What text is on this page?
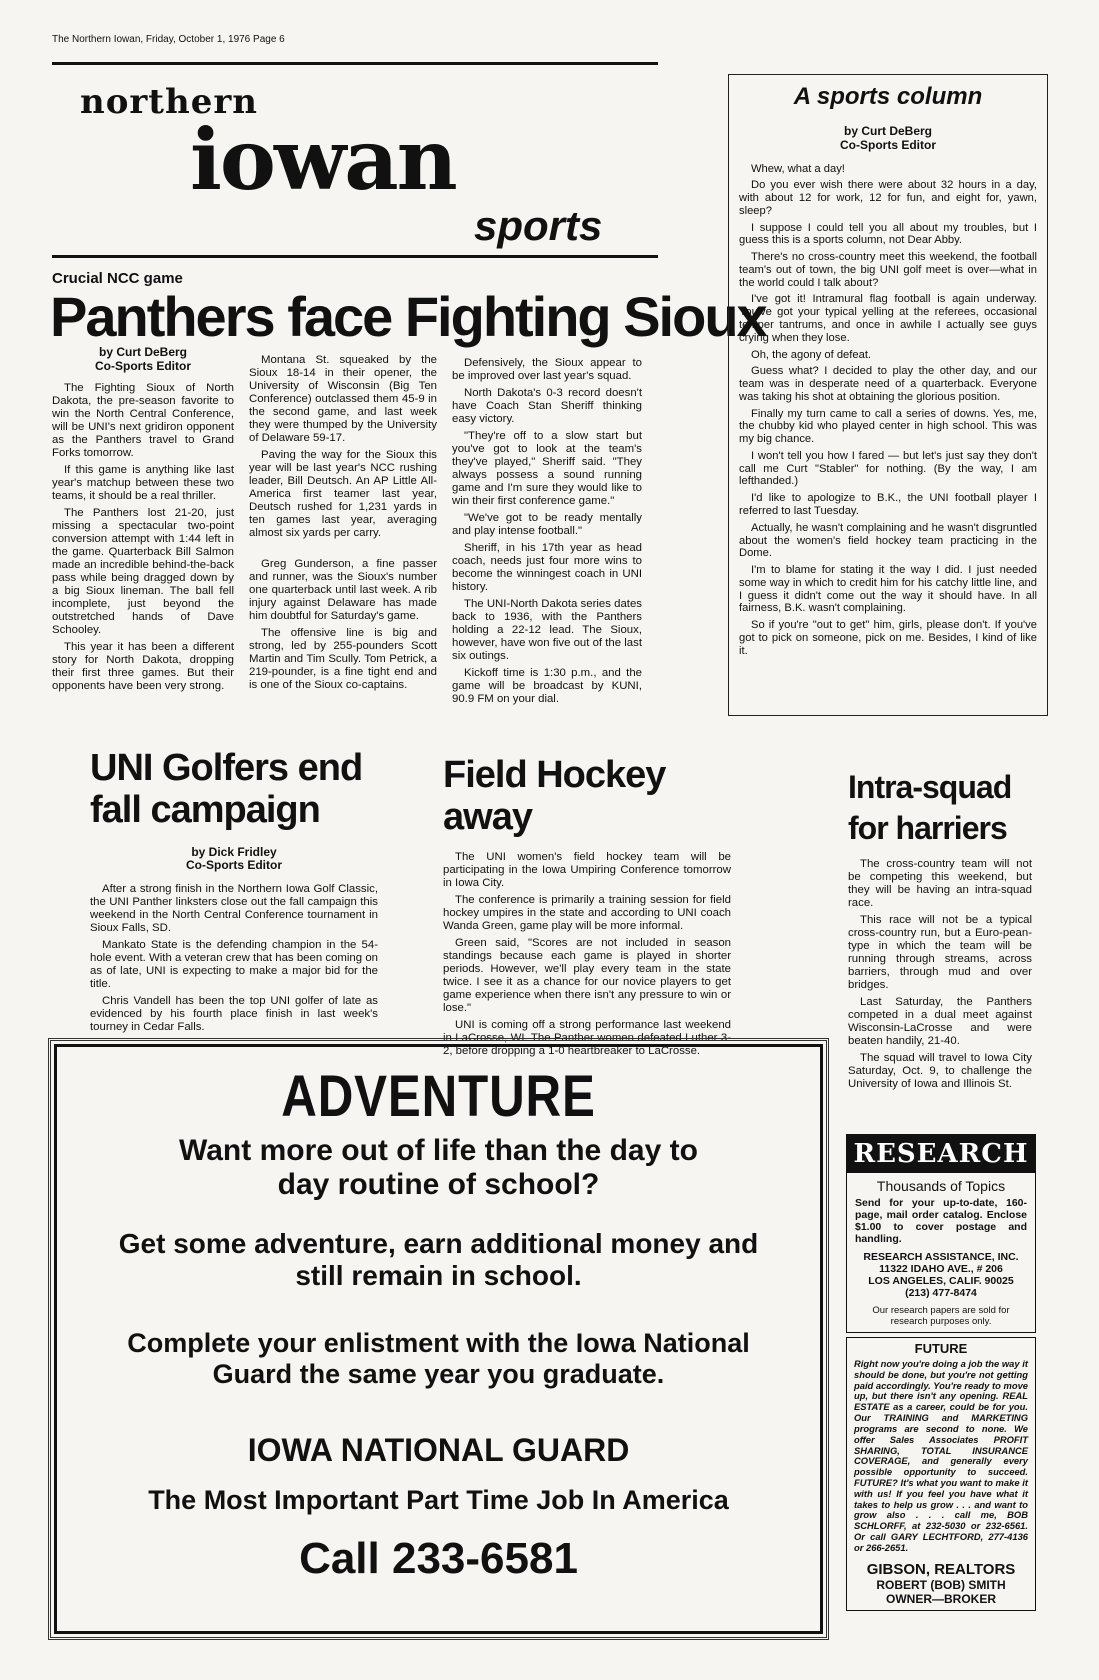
The Northern Iowan, Friday, October 1, 1976 Page 6
northern
iowan
sports
Crucial NCC game
Panthers face Fighting Sioux
by Curt DeBerg
Co-Sports Editor

The Fighting Sioux of North Dakota, the pre-season favorite to win the North Central Conference, will be UNI's next gridiron opponent as the Panthers travel to Grand Forks tomorrow.

If this game is anything like last year's matchup between these two teams, it should be a real thriller.

The Panthers lost 21-20, just missing a spectacular two-point conversion attempt with 1:44 left in the game. Quarterback Bill Salmon made an incredible behind-the-back pass while being dragged down by a big Sioux lineman. The ball fell incomplete, just beyond the outstretched hands of Dave Schooley.

This year it has been a different story for North Dakota, dropping their first three games. But their opponents have been very strong.

Montana St. squeaked by the Sioux 18-14 in their opener, the University of Wisconsin (Big Ten Conference) outclassed them 45-9 in the second game, and last week they were thumped by the University of Delaware 59-17.

Paving the way for the Sioux this year will be last year's NCC rushing leader, Bill Deutsch. An AP Little All-America first teamer last year, Deutsch rushed for 1,231 yards in ten games last year, averaging almost six yards per carry.

Greg Gunderson, a fine passer and runner, was the Sioux's number one quarterback until last week. A rib injury against Delaware has made him doubtful for Saturday's game.

The offensive line is big and strong, led by 255-pounders Scott Martin and Tim Scully. Tom Petrick, a 219-pounder, is a fine tight end and is one of the Sioux co-captains.

Defensively, the Sioux appear to be improved over last year's squad.

North Dakota's 0-3 record doesn't have Coach Stan Sheriff thinking easy victory.

"They're off to a slow start but you've got to look at the team's they've played," Sheriff said. "They always possess a sound running game and I'm sure they would like to win their first conference game."

"We've got to be ready mentally and play intense football."

Sheriff, in his 17th year as head coach, needs just four more wins to become the winningest coach in UNI history.

The UNI-North Dakota series dates back to 1936, with the Panthers holding a 22-12 lead. The Sioux, however, have won five out of the last six outings.

Kickoff time is 1:30 p.m., and the game will be broadcast by KUNI, 90.9 FM on your dial.

A sports column
by Curt DeBerg
Co-Sports Editor

Whew, what a day!

Do you ever wish there were about 32 hours in a day, with about 12 for work, 12 for fun, and eight for, yawn, sleep?

I suppose I could tell you all about my troubles, but I guess this is a sports column, not Dear Abby.

There's no cross-country meet this weekend, the football team's out of town, the big UNI golf meet is over—what in the world could I talk about?

I've got it! Intramural flag football is again underway. You've got your typical yelling at the referees, occasional temper tantrums, and once in awhile I actually see guys crying when they lose.

Oh, the agony of defeat.

Guess what? I decided to play the other day, and our team was in desperate need of a quarterback. Everyone was taking his shot at obtaining the glorious position.

Finally my turn came to call a series of downs. Yes, me, the chubby kid who played center in high school. This was my big chance.

I won't tell you how I fared — but let's just say they don't call me Curt "Stabler" for nothing. (By the way, I am lefthanded.)

I'd like to apologize to B.K., the UNI football player I referred to last Tuesday.

Actually, he wasn't complaining and he wasn't disgruntled about the women's field hockey team practicing in the Dome.

I'm to blame for stating it the way I did. I just needed some way in which to credit him for his catchy little line, and I guess it didn't come out the way it should have. In all fairness, B.K. wasn't complaining.

So if you're "out to get" him, girls, please don't. If you've got to pick on someone, pick on me. Besides, I kind of like it.

UNI Golfers end
fall campaign
by Dick Fridley
Co-Sports Editor

After a strong finish in the Northern Iowa Golf Classic, the UNI Panther linksters close out the fall campaign this weekend in the North Central Conference tournament in Sioux Falls, SD.

Mankato State is the defending champion in the 54-hole event. With a veteran crew that has been coming on as of late, UNI is expecting to make a major bid for the title.

Chris Vandell has been the top UNI golfer of late as evidenced by his fourth place finish in last week's tourney in Cedar Falls.

Field Hockey away

The UNI women's field hockey team will be participating in the Iowa Umpiring Conference tomorrow in Iowa City.

The conference is primarily a training session for field hockey umpires in the state and according to UNI coach Wanda Green, game play will be more informal.

Green said, "Scores are not included in season standings because each game is played in shorter periods. However, we'll play every team in the state twice. I see it as a chance for our novice players to get game experience when there isn't any pressure to win or lose."

UNI is coming off a strong performance last weekend in LaCrosse, WI. The Panther women defeated Luther 3-2, before dropping a 1-0 heartbreaker to LaCrosse.

Intra-squad
for harriers

The cross-country team will not be competing this weekend, but they will be having an intra-squad race.

This race will not be a typical cross-country run, but a Euro-pean-type in which the team will be running through streams, across barriers, through mud and over bridges.

Last Saturday, the Panthers competed in a dual meet against Wisconsin-LaCrosse and were beaten handily, 21-40.

The squad will travel to Iowa City Saturday, Oct. 9, to challenge the University of Iowa and Illinois St.

ADVENTURE
Want more out of life than the day to
day routine of school?
Get some adventure, earn additional money and
still remain in school.
Complete your enlistment with the Iowa National
Guard the same year you graduate.
IOWA NATIONAL GUARD
The Most Important Part Time Job In America
Call 233-6581
RESEARCH
Thousands of Topics
Send for your up-to-date, 160-page, mail order catalog. Enclose $1.00 to cover postage and handling.
RESEARCH ASSISTANCE, INC.
11322 IDAHO AVE., # 206
LOS ANGELES, CALIF. 90025
(213) 477-8474
Our research papers are sold for research purposes only.
FUTURE
Right now you're doing a job the way it should be done, but you're not getting paid accordingly. You're ready to move up, but there isn't any opening. REAL ESTATE as a career, could be for you. Our TRAINING and MARKETING programs are second to none. We offer Sales Associates PROFIT SHARING, TOTAL INSURANCE COVERAGE, and generally every possible opportunity to succeed. FUTURE? It's what you want to make it with us! If you feel you have what it takes to help us grow . . . and want to grow also . . . call me, BOB SCHLORFF, at 232-5030 or 232-6561. Or call GARY LECHTFORD, 277-4136 or 266-2651.
GIBSON, REALTORS
ROBERT (BOB) SMITH
OWNER—BROKER
